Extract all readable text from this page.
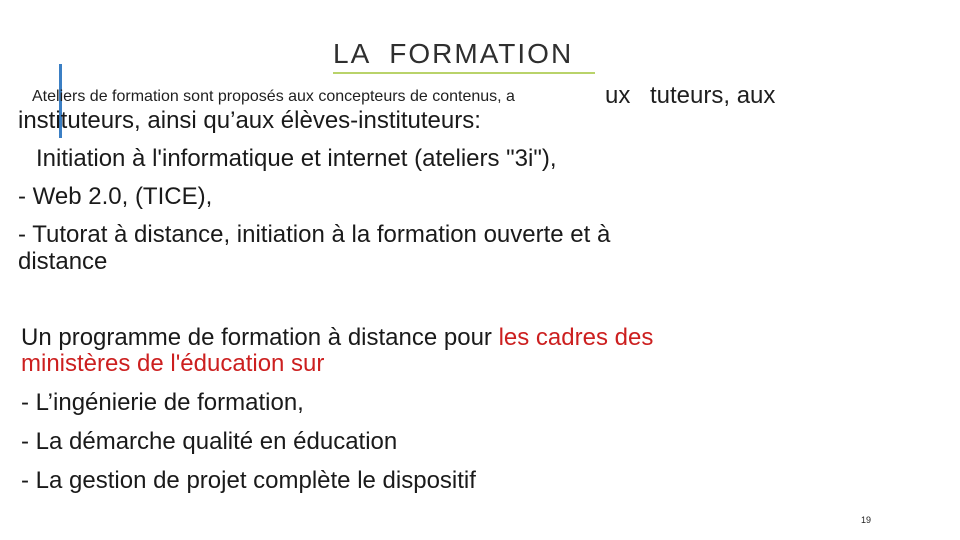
LA  FORMATION
Ateliers de formation sont proposés aux concepteurs de contenus, a	ux tuteurs, aux
instituteurs, ainsi qu’aux élèves-instituteurs:
Initiation à l'informatique et internet (ateliers "3i"),
- Web 2.0, (TICE),
- Tutorat à distance, initiation à la formation ouverte et à
distance
Un programme de formation à distance pour les cadres des
ministères de l'éducation sur
- L’ingénierie de formation,
- La démarche qualité en éducation
- La gestion de projet complète le dispositif
19
